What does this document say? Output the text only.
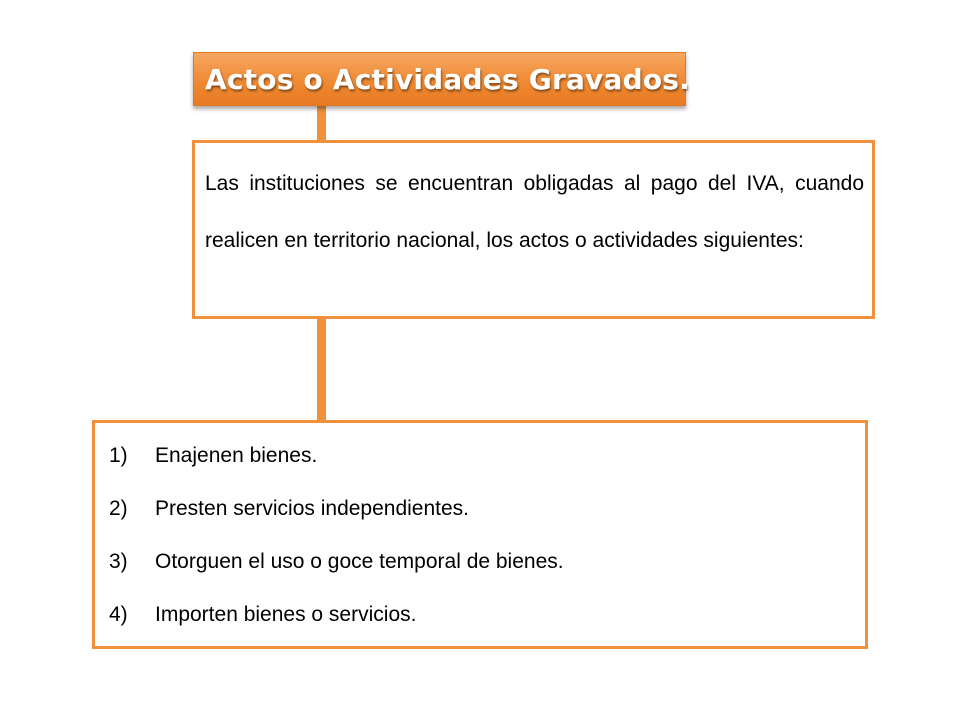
Actos o Actividades Gravados.

Las instituciones se encuentran obligadas al pago del IVA, cuando realicen en territorio nacional, los actos o actividades siguientes:

1)	Enajenen bienes.
2)	Presten servicios independientes.
3)	Otorguen el uso o goce temporal de bienes.
4)	Importen bienes o servicios.
